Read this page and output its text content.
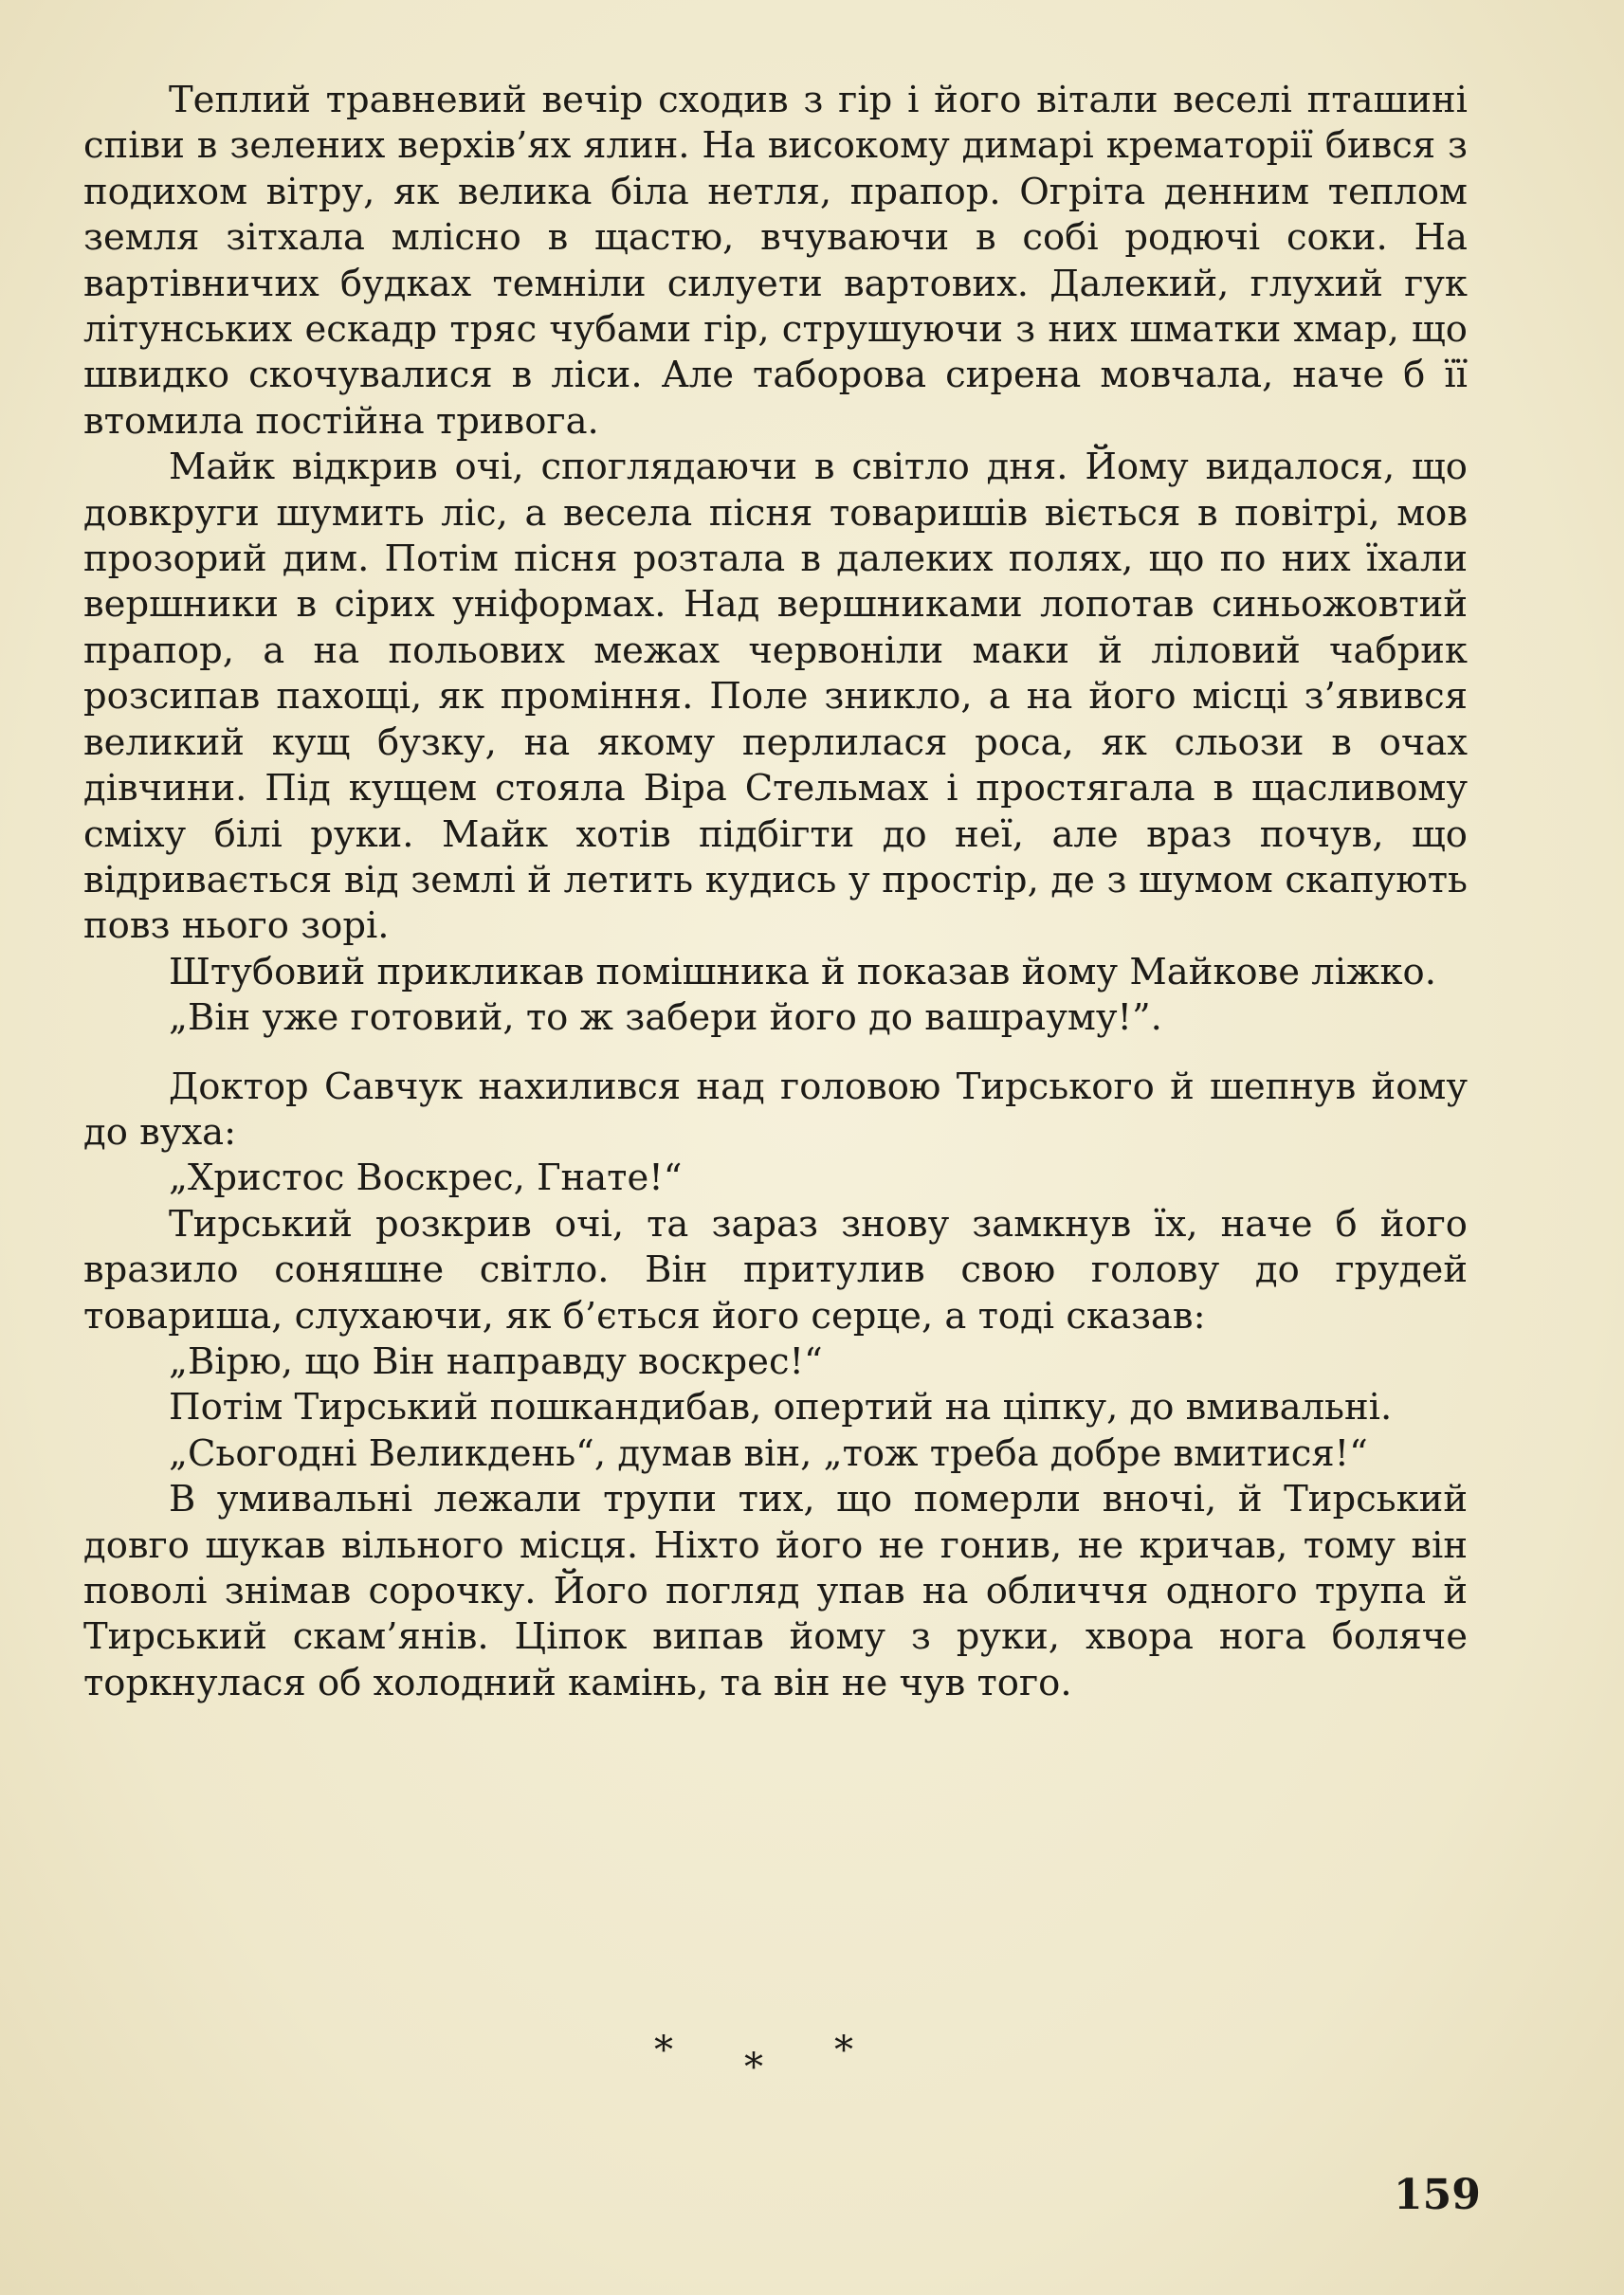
Теплий травневий вечір сходив з гір і його вітали веселі пташині співи в зелених верхів’ях ялин. На високому димарі крематорії бився з подихом вітру, як велика біла нетля, прапор. Огріта денним теплом земля зітхала млісно в щастю, вчуваючи в собі родючі соки. На вартівничих будках темніли силуети вартових. Далекий, глухий гук літунських ескадр тряс чубами гір, струшуючи з них шматки хмар, що швидко скочувалися в ліси. Але таборова сирена мовчала, наче б її втомила постійна тривога.

Майк відкрив очі, споглядаючи в світло дня. Йому видалося, що довкруги шумить ліс, а весела пісня товаришів віється в повітрі, мов прозорий дим. Потім пісня розтала в далеких полях, що по них їхали вершники в сірих уніформах. Над вершниками лопотав синьожовтий прапор, а на польових межах червоніли маки й ліловий чабрик розсипав пахощі, як проміння. Поле зникло, а на його місці з’явився великий кущ бузку, на якому перлилася роса, як сльози в очах дівчини. Під кущем стояла Віра Стельмах і простягала в щасливому сміху білі руки. Майк хотів підбігти до неї, але враз почув, що відривається від землі й летить кудись у простір, де з шумом скапують повз нього зорі.

Штубовий прикликав помішника й показав йому Майкове ліжко.

„Він уже готовий, то ж забери його до вашрауму!”.

Доктор Савчук нахилився над головою Тирського й шепнув йому до вуха:

„Христос Воскрес, Гнате!“

Тирський розкрив очі, та зараз знову замкнув їх, наче б його вразило соняшне світло. Він притулив свою голову до грудей товариша, слухаючи, як б’ється його серце, а тоді сказав:

„Вірю, що Він направду воскрес!“

Потім Тирський пошкандибав, опертий на ціпку, до вмивальні.

„Сьогодні Великдень“, думав він, „тож треба добре вмитися!“

В умивальні лежали трупи тих, що померли вночі, й Тирський довго шукав вільного місця. Ніхто його не гонив, не кричав, тому він поволі знімав сорочку. Його погляд упав на обличчя одного трупа й Тирський скам’янів. Ціпок випав йому з руки, хвора нога боляче торкнулася об холодний камінь, та він не чув того.

* * *
159
